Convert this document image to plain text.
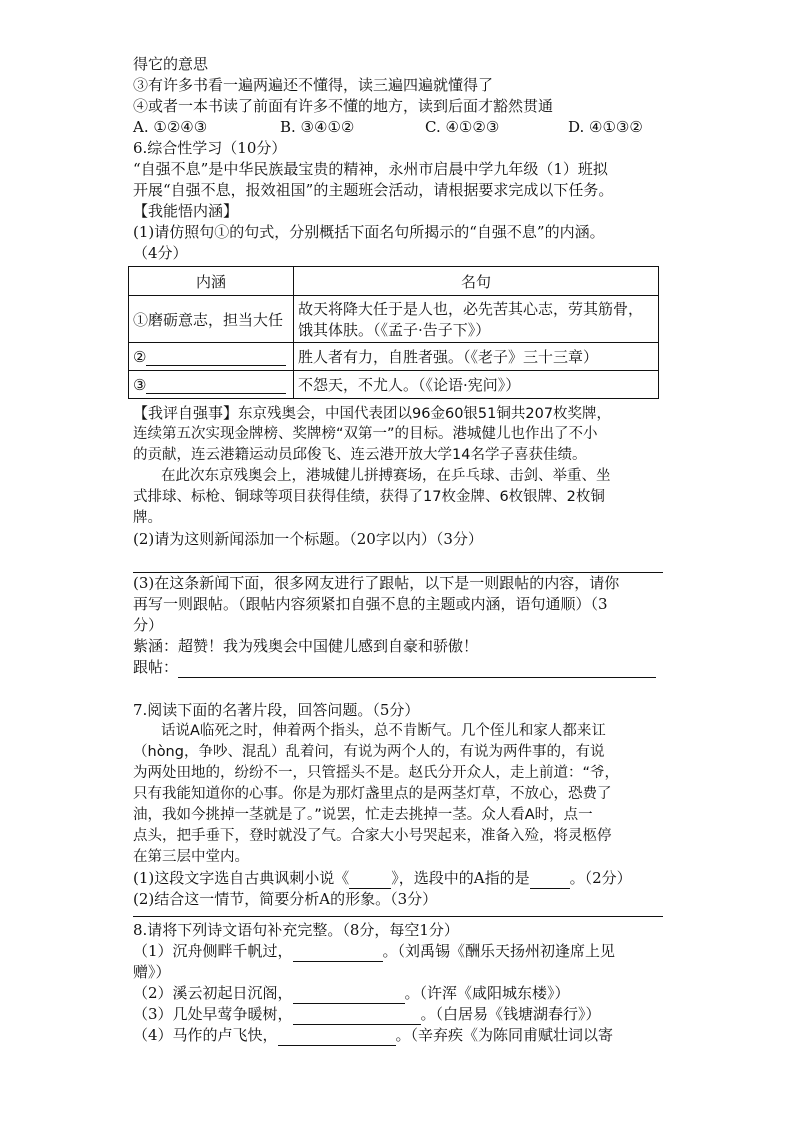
得它的意思
③有许多书看一遍两遍还不懂得，读三遍四遍就懂得了
④或者一本书读了前面有许多不懂的地方，读到后面才豁然贯通
A. ①②④③	B. ③④①②	C. ④①②③	D. ④①③②
6.综合性学习（10分）
“自强不息”是中华民族最宝贵的精神，永州市启晨中学九年级（1）班拟
开展“自强不息，报效祖国”的主题班会活动，请根据要求完成以下任务。
【我能悟内涵】
(1)请仿照句①的句式，分别概括下面名句所揭示的“自强不息”的内涵。
（4分）
内涵	名句
①磨砺意志，担当大任	故天将降大任于是人也，必先苦其心志，劳其筋骨，
饿其体肤。（《孟子·告子下》）

②	胜人者有力，自胜者强。（《老子》三十三章）
③	不怨天，不尤人。（《论语·宪问》）
【我评自强事】东京残奥会，中国代表团以96金60银51铜共207枚奖牌，
连续第五次实现金牌榜、奖牌榜“双第一”的目标。港城健儿也作出了不小
的贡献，连云港籍运动员邱俊飞、连云港开放大学14名学子喜获佳绩。
在此次东京残奥会上，港城健儿拼搏赛场，在乒乓球、击剑、举重、坐
式排球、标枪、铜球等项目获得佳绩，获得了17枚金牌、6枚银牌、2枚铜
牌。
(2)请为这则新闻添加一个标题。（20字以内）（3分）
(3)在这条新闻下面，很多网友进行了跟帖，以下是一则跟帖的内容，请你
再写一则跟帖。（跟帖内容须紧扣自强不息的主题或内涵，语句通顺）（3
分）
紫涵：超赞！我为残奥会中国健儿感到自豪和骄傲！
跟帖：
7.阅读下面的名著片段，回答问题。（5分）
话说A临死之时，伸着两个指头，总不肯断气。几个侄儿和家人都来讧
（hòng，争吵、混乱）乱着问，有说为两个人的，有说为两件事的，有说
为两处田地的，纷纷不一，只管摇头不是。赵氏分开众人，走上前道：“爷，
只有我能知道你的心事。你是为那灯盏里点的是两茎灯草，不放心，恐费了
油，我如今挑掉一茎就是了。”说罢，忙走去挑掉一茎。众人看A时，点一
点头，把手垂下，登时就没了气。合家大小号哭起来，准备入殓，将灵柩停
在第三层中堂内。
(1)这段文字选自古典讽刺小说《	》，选段中的A指的是	。（2分）
(2)结合这一情节，简要分析A的形象。（3分）
8.请将下列诗文语句补充完整。（8分，每空1分）
（1）沉舟侧畔千帆过，	。（刘禹锡《酬乐天扬州初逢席上见
赠》）
（2）溪云初起日沉阁，	。（许浑《咸阳城东楼》）
（3）几处早莺争暖树，	。（白居易《钱塘湖春行》）
（4）马作的卢飞快，	。（辛弃疾《为陈同甫赋壮词以寄
